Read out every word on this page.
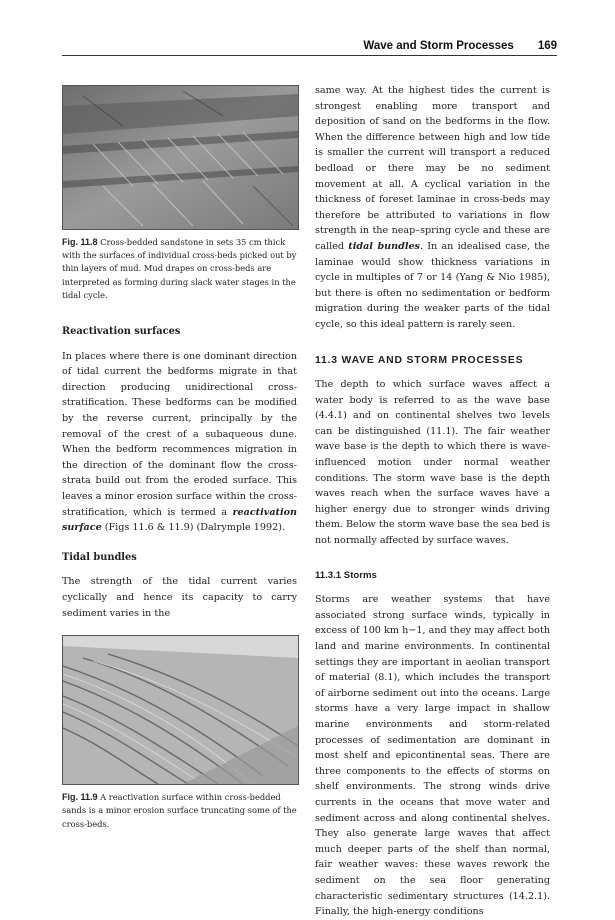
Wave and Storm Processes 169
Fig. 11.8 Cross-bedded sandstone in sets 35 cm thick with the surfaces of individual cross-beds picked out by thin layers of mud. Mud drapes on cross-beds are interpreted as forming during slack water stages in the tidal cycle.
Reactivation surfaces

In places where there is one dominant direction of tidal current the bedforms migrate in that direction producing unidirectional cross-stratification. These bedforms can be modified by the reverse current, principally by the removal of the crest of a subaqueous dune. When the bedform recommences migration in the direction of the dominant flow the cross-strata build out from the eroded surface. This leaves a minor erosion surface within the cross-stratification, which is termed a reactivation surface (Figs 11.6 & 11.9) (Dalrymple 1992).

Tidal bundles

The strength of the tidal current varies cyclically and hence its capacity to carry sediment varies in the

Fig. 11.9 A reactivation surface within cross-bedded sands is a minor erosion surface truncating some of the cross-beds.

same way. At the highest tides the current is strongest enabling more transport and deposition of sand on the bedforms in the flow. When the difference between high and low tide is smaller the current will transport a reduced bedload or there may be no sediment movement at all. A cyclical variation in the thickness of foreset laminae in cross-beds may therefore be attributed to variations in flow strength in the neap–spring cycle and these are called tidal bundles. In an idealised case, the laminae would show thickness variations in cycle in multiples of 7 or 14 (Yang & Nio 1985), but there is often no sedimentation or bedform migration during the weaker parts of the tidal cycle, so this ideal pattern is rarely seen.

11.3 WAVE AND STORM PROCESSES

The depth to which surface waves affect a water body is referred to as the wave base (4.4.1) and on continental shelves two levels can be distinguished (11.1). The fair weather wave base is the depth to which there is wave-influenced motion under normal weather conditions. The storm wave base is the depth waves reach when the surface waves have a higher energy due to stronger winds driving them. Below the storm wave base the sea bed is not normally affected by surface waves.

11.3.1 Storms

Storms are weather systems that have associated strong surface winds, typically in excess of 100 km h−1, and they may affect both land and marine environments. In continental settings they are important in aeolian transport of material (8.1), which includes the transport of airborne sediment out into the oceans. Large storms have a very large impact in shallow marine environments and storm-related processes of sedimentation are dominant in most shelf and epicontinental seas. There are three components to the effects of storms on shelf environments. The strong winds drive currents in the oceans that move water and sediment across and along continental shelves. They also generate large waves that affect much deeper parts of the shelf than normal, fair weather waves: these waves rework the sediment on the sea floor generating characteristic sedimentary structures (14.2.1). Finally, the high-energy conditions
